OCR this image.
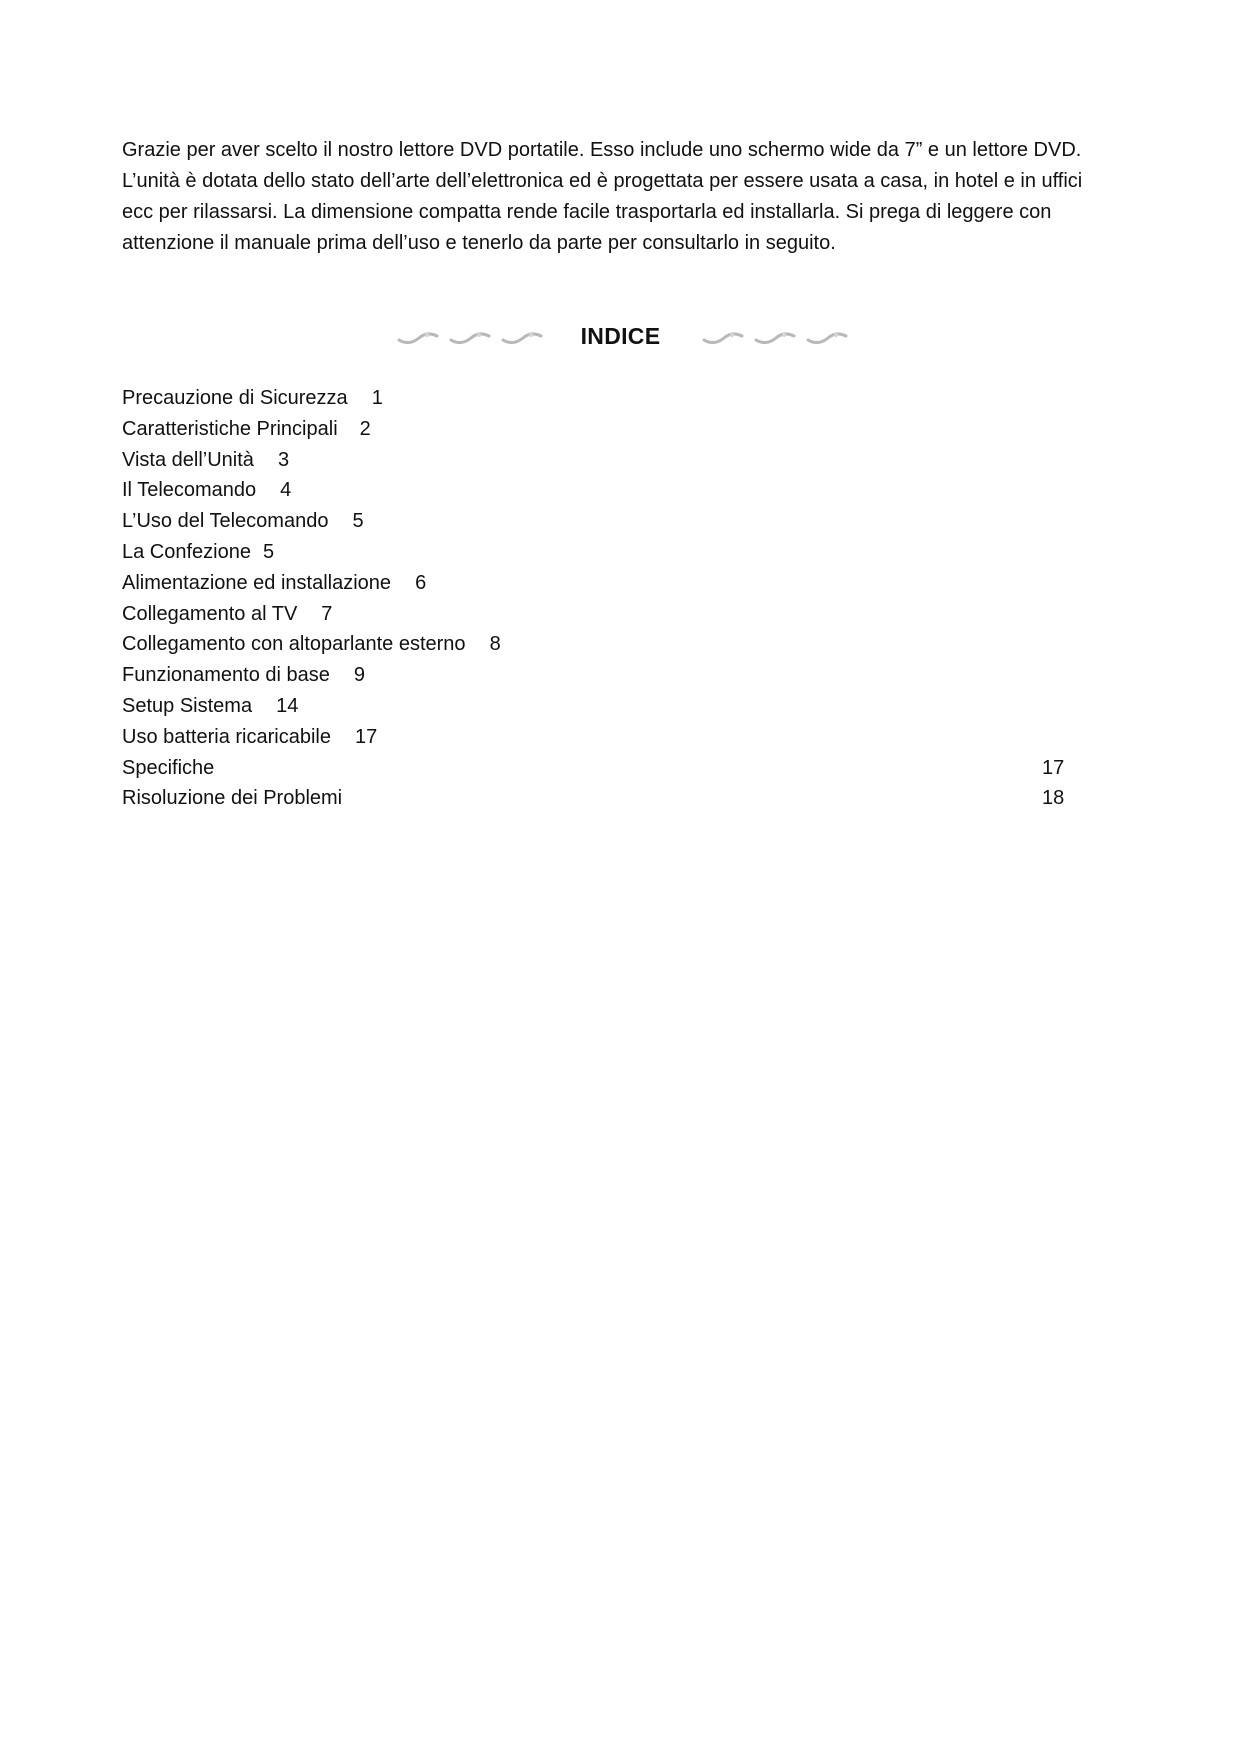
Grazie per aver scelto il nostro lettore DVD portatile. Esso include uno schermo wide da 7” e un lettore DVD.
L’unità è dotata dello stato dell’arte dell’elettronica ed è progettata per essere usata a casa, in hotel e in uffici
ecc per rilassarsi. La dimensione compatta rende facile trasportarla ed installarla. Si prega di leggere con
attenzione il manuale prima dell’uso e tenerlo da parte per consultarlo in seguito.
INDICE
Precauzione di Sicurezza 1
Caratteristiche Principali 2
Vista dell’Unità 3
Il Telecomando 4
L’Uso del Telecomando 5
La Confezione 5
Alimentazione ed installazione 6
Collegamento al TV 7
Collegamento con altoparlante esterno 8
Funzionamento di base 9
Setup Sistema 14
Uso batteria ricaricabile 17
Specifiche	17
Risoluzione dei Problemi	18
